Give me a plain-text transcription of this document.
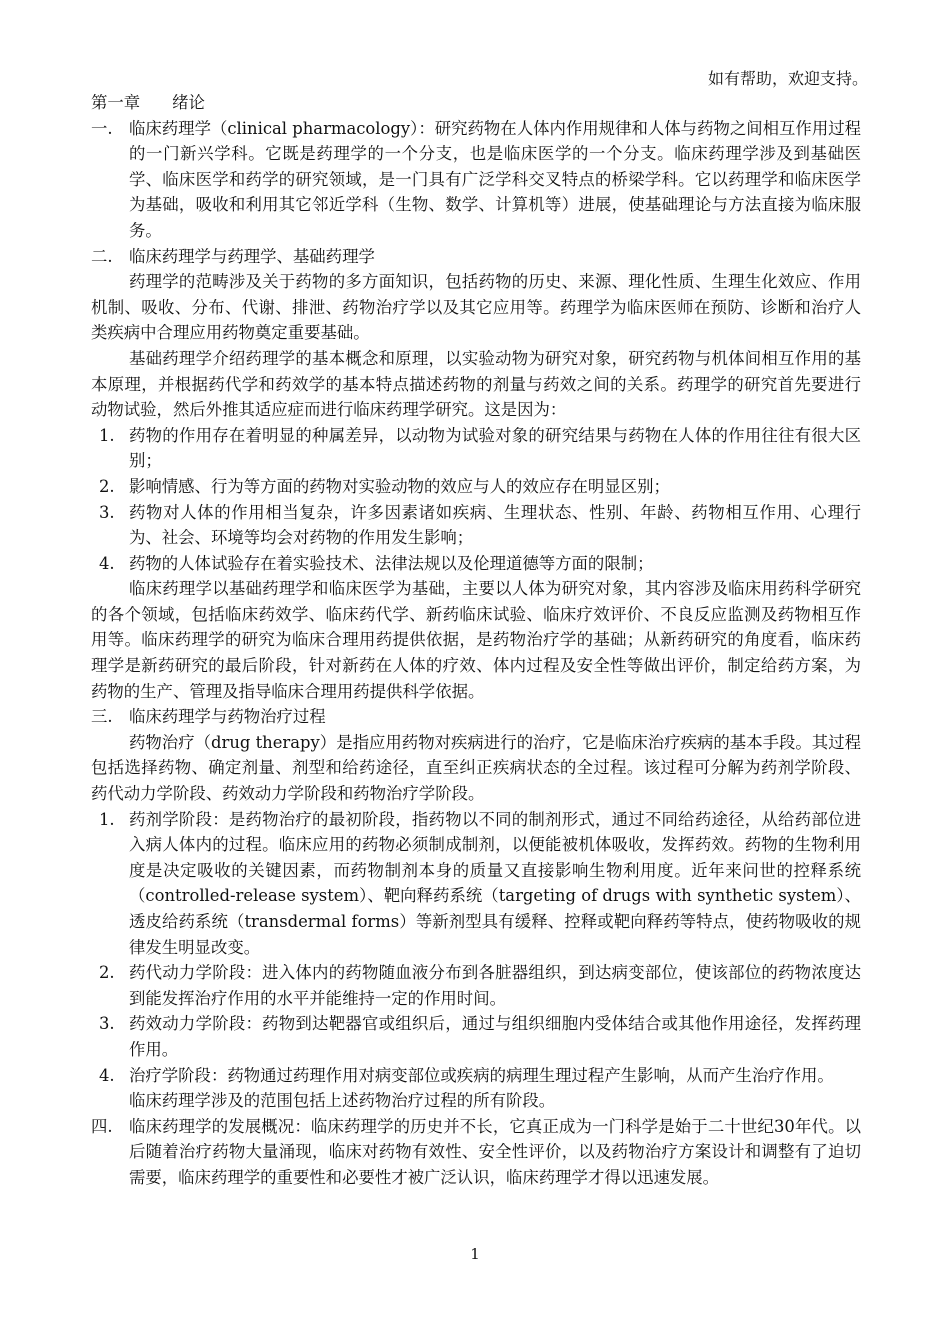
如有帮助，欢迎支持。

第一章 绪论

一. 临床药理学（clinical pharmacology）：研究药物在人体内作用规律和人体与药物之间相互作用过程的一门新兴学科。它既是药理学的一个分支，也是临床医学的一个分支。临床药理学涉及到基础医学、临床医学和药学的研究领域，是一门具有广泛学科交叉特点的桥梁学科。它以药理学和临床医学为基础，吸收和利用其它邻近学科（生物、数学、计算机等）进展，使基础理论与方法直接为临床服务。
二. 临床药理学与药理学、基础药理学

药理学的范畴涉及关于药物的多方面知识，包括药物的历史、来源、理化性质、生理生化效应、作用机制、吸收、分布、代谢、排泄、药物治疗学以及其它应用等。药理学为临床医师在预防、诊断和治疗人类疾病中合理应用药物奠定重要基础。

基础药理学介绍药理学的基本概念和原理，以实验动物为研究对象，研究药物与机体间相互作用的基本原理，并根据药代学和药效学的基本特点描述药物的剂量与药效之间的关系。药理学的研究首先要进行动物试验，然后外推其适应症而进行临床药理学研究。这是因为：

1. 药物的作用存在着明显的种属差异，以动物为试验对象的研究结果与药物在人体的作用往往有很大区别；
2. 影响情感、行为等方面的药物对实验动物的效应与人的效应存在明显区别；
3. 药物对人体的作用相当复杂，许多因素诸如疾病、生理状态、性别、年龄、药物相互作用、心理行为、社会、环境等均会对药物的作用发生影响；
4. 药物的人体试验存在着实验技术、法律法规以及伦理道德等方面的限制；

临床药理学以基础药理学和临床医学为基础，主要以人体为研究对象，其内容涉及临床用药科学研究的各个领域，包括临床药效学、临床药代学、新药临床试验、临床疗效评价、不良反应监测及药物相互作用等。临床药理学的研究为临床合理用药提供依据，是药物治疗学的基础；从新药研究的角度看，临床药理学是新药研究的最后阶段，针对新药在人体的疗效、体内过程及安全性等做出评价，制定给药方案，为药物的生产、管理及指导临床合理用药提供科学依据。

三. 临床药理学与药物治疗过程

药物治疗（drug therapy）是指应用药物对疾病进行的治疗，它是临床治疗疾病的基本手段。其过程包括选择药物、确定剂量、剂型和给药途径，直至纠正疾病状态的全过程。该过程可分解为药剂学阶段、药代动力学阶段、药效动力学阶段和药物治疗学阶段。

1. 药剂学阶段：是药物治疗的最初阶段，指药物以不同的制剂形式，通过不同给药途径，从给药部位进入病人体内的过程。临床应用的药物必须制成制剂，以便能被机体吸收，发挥药效。药物的生物利用度是决定吸收的关键因素，而药物制剂本身的质量又直接影响生物利用度。近年来问世的控释系统（controlled-release system）、靶向释药系统（targeting of drugs with synthetic system）、透皮给药系统（transdermal forms）等新剂型具有缓释、控释或靶向释药等特点，使药物吸收的规律发生明显改变。
2. 药代动力学阶段：进入体内的药物随血液分布到各脏器组织，到达病变部位，使该部位的药物浓度达到能发挥治疗作用的水平并能维持一定的作用时间。
3. 药效动力学阶段：药物到达靶器官或组织后，通过与组织细胞内受体结合或其他作用途径，发挥药理作用。
4. 治疗学阶段：药物通过药理作用对病变部位或疾病的病理生理过程产生影响，从而产生治疗作用。

临床药理学涉及的范围包括上述药物治疗过程的所有阶段。

四. 临床药理学的发展概况：临床药理学的历史并不长，它真正成为一门科学是始于二十世纪30年代。以后随着治疗药物大量涌现，临床对药物有效性、安全性评价，以及药物治疗方案设计和调整有了迫切需要，临床药理学的重要性和必要性才被广泛认识，临床药理学才得以迅速发展。
1
